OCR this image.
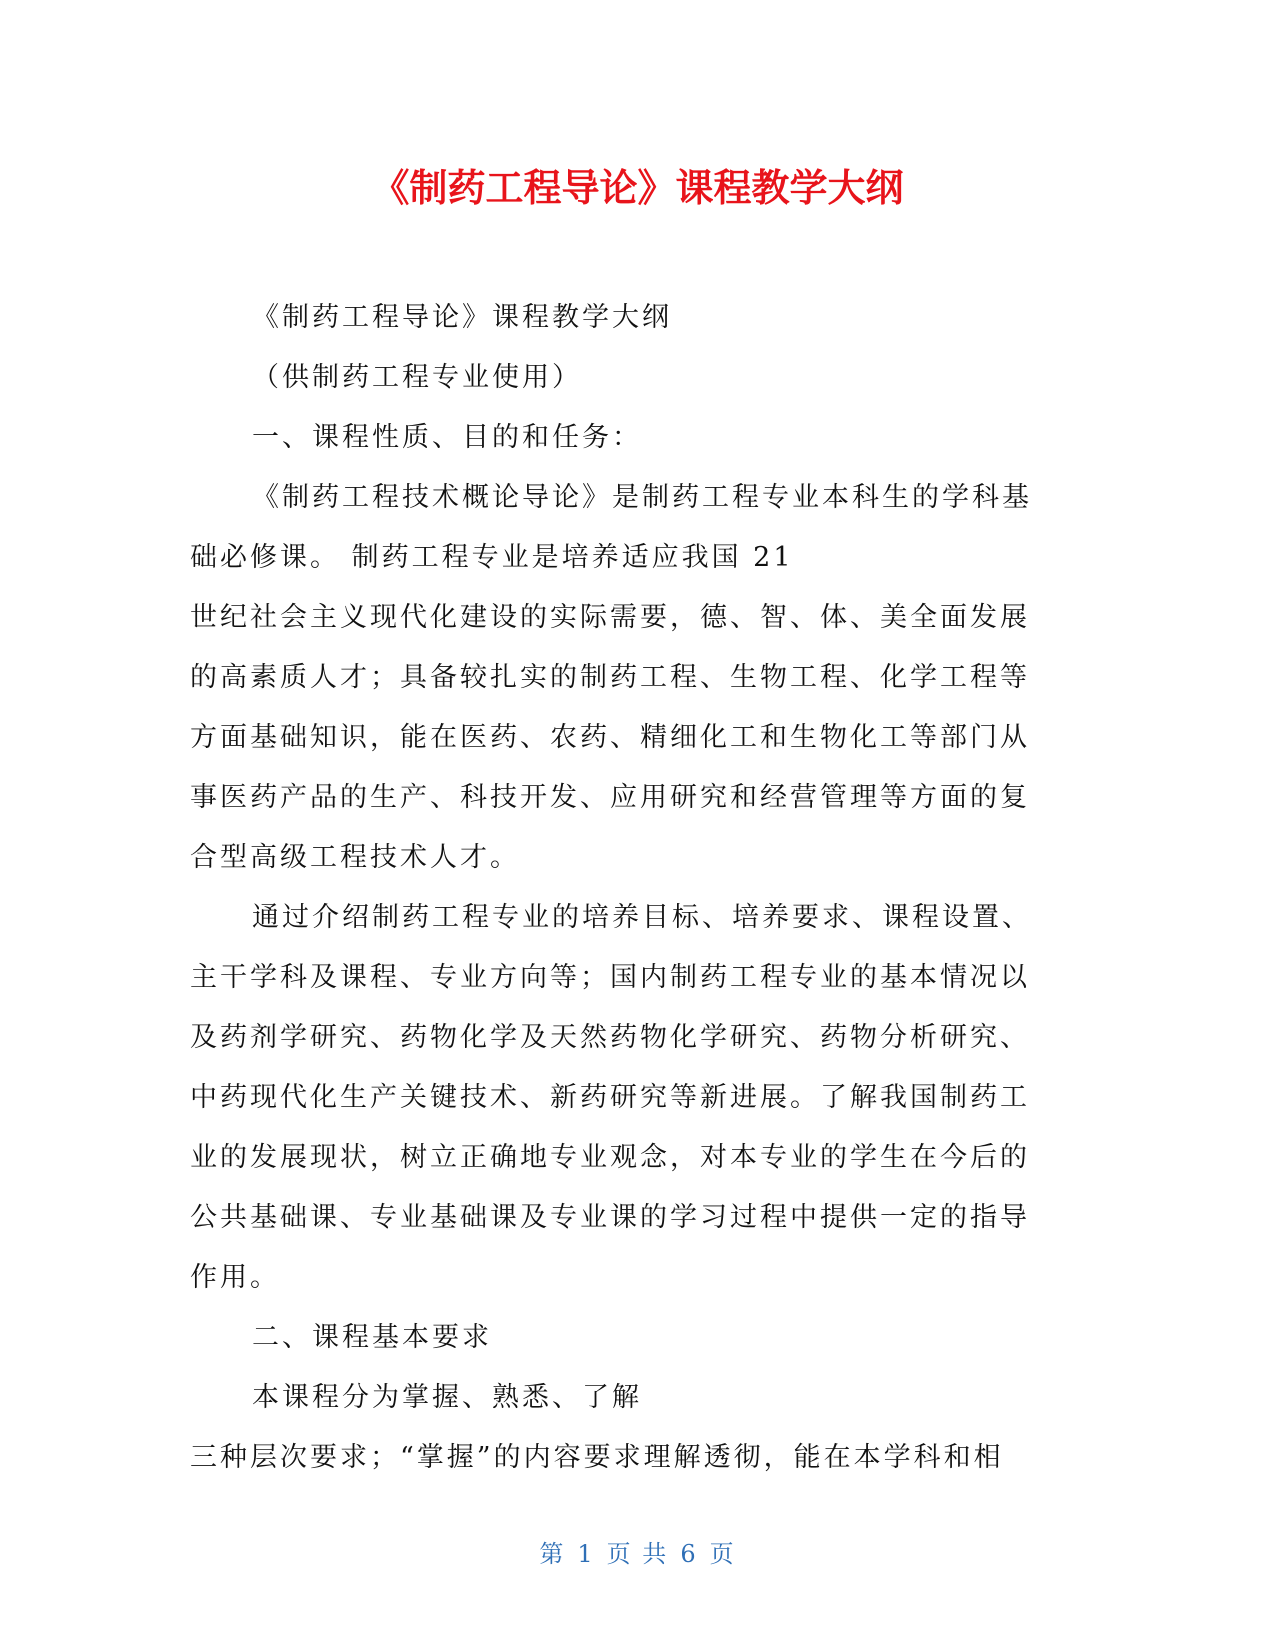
《制药工程导论》课程教学大纲
《制药工程导论》课程教学大纲
（供制药工程专业使用）
一、课程性质、目的和任务：
《制药工程技术概论导论》是制药工程专业本科生的学科基
础必修课。 制药工程专业是培养适应我国 21
世纪社会主义现代化建设的实际需要，德、智、体、美全面发展
的高素质人才；具备较扎实的制药工程、生物工程、化学工程等
方面基础知识，能在医药、农药、精细化工和生物化工等部门从
事医药产品的生产、科技开发、应用研究和经营管理等方面的复
合型高级工程技术人才。
通过介绍制药工程专业的培养目标、培养要求、课程设置、
主干学科及课程、专业方向等；国内制药工程专业的基本情况以
及药剂学研究、药物化学及天然药物化学研究、药物分析研究、
中药现代化生产关键技术、新药研究等新进展。了解我国制药工
业的发展现状，树立正确地专业观念，对本专业的学生在今后的
公共基础课、专业基础课及专业课的学习过程中提供一定的指导
作用。
二、课程基本要求
本课程分为掌握、熟悉、了解
三种层次要求；“掌握”的内容要求理解透彻，能在本学科和相
第 1 页 共 6 页
